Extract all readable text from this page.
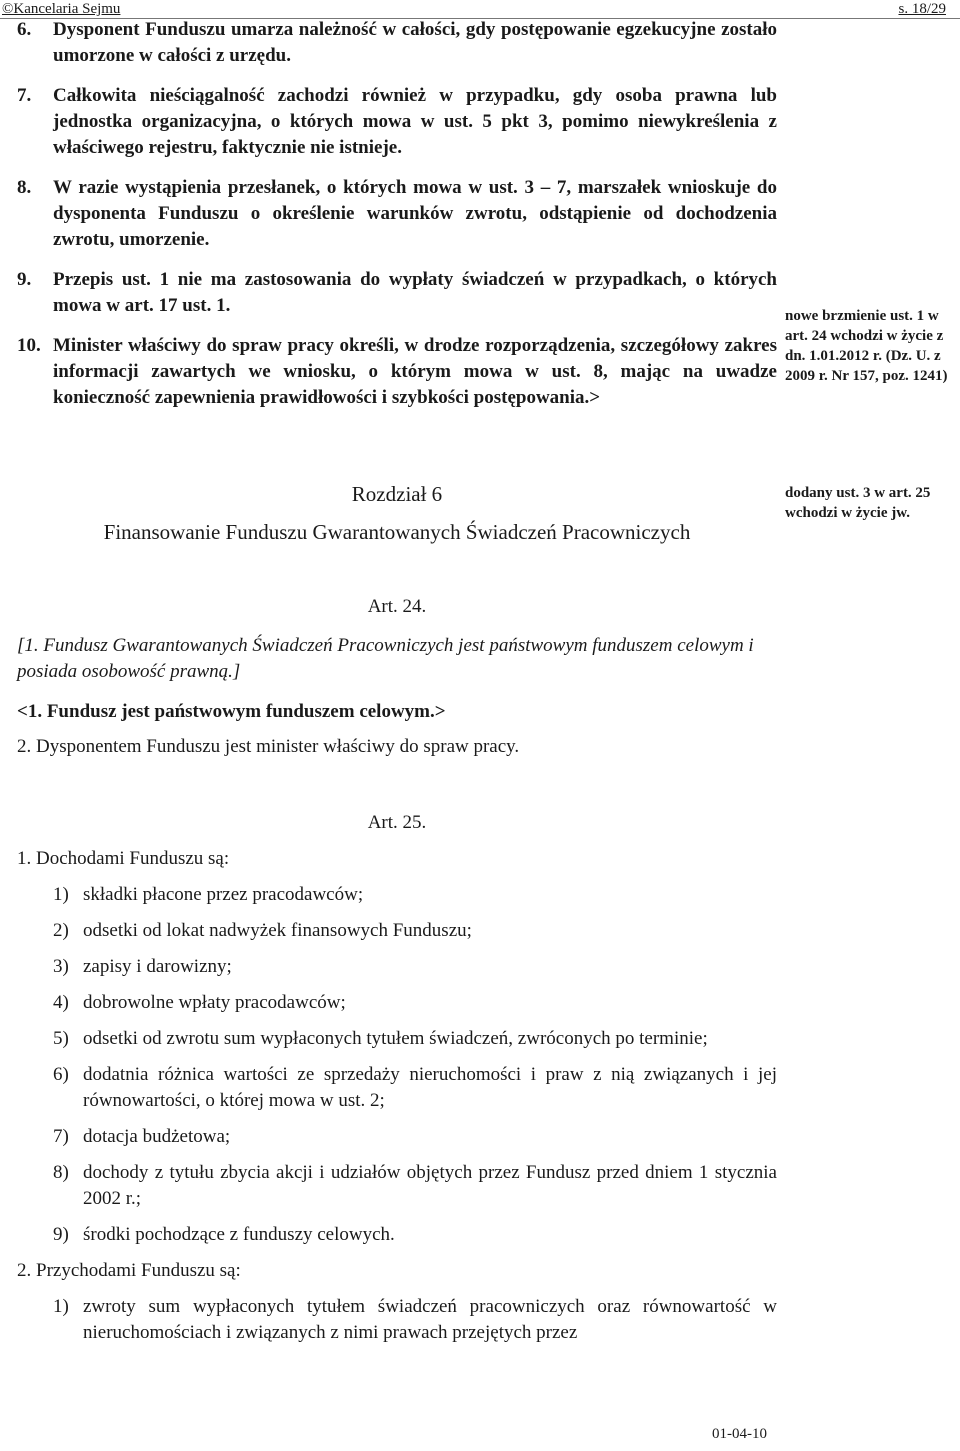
©Kancelaria Sejmu	s. 18/29
6. Dysponent Funduszu umarza należność w całości, gdy postępowanie egzekucyjne zostało umorzone w całości z urzędu.
7. Całkowita nieściągalność zachodzi również w przypadku, gdy osoba prawna lub jednostka organizacyjna, o których mowa w ust. 5 pkt 3, pomimo niewykreślenia z właściwego rejestru, faktycznie nie istnieje.
8. W razie wystąpienia przesłanek, o których mowa w ust. 3 – 7, marszałek wnioskuje do dysponenta Funduszu o określenie warunków zwrotu, odstąpienie od dochodzenia zwrotu, umorzenie.
9. Przepis ust. 1 nie ma zastosowania do wypłaty świadczeń w przypadkach, o których mowa w art. 17 ust. 1.
10. Minister właściwy do spraw pracy określi, w drodze rozporządzenia, szczegółowy zakres informacji zawartych we wniosku, o którym mowa w ust. 8, mając na uwadze konieczność zapewnienia prawidłowości i szybkości postępowania.>
nowe brzmienie ust. 1 w art. 24 wchodzi w życie z dn. 1.01.2012 r. (Dz. U. z 2009 r. Nr 157, poz. 1241)
dodany ust. 3 w art. 25 wchodzi w życie jw.
Rozdział 6
Finansowanie Funduszu Gwarantowanych Świadczeń Pracowniczych
Art. 24.
[1. Fundusz Gwarantowanych Świadczeń Pracowniczych jest państwowym funduszem celowym i posiada osobowość prawną.]
<1. Fundusz jest państwowym funduszem celowym.>
2. Dysponentem Funduszu jest minister właściwy do spraw pracy.
Art. 25.
1. Dochodami Funduszu są:
1) składki płacone przez pracodawców;
2) odsetki od lokat nadwyżek finansowych Funduszu;
3) zapisy i darowizny;
4) dobrowolne wpłaty pracodawców;
5) odsetki od zwrotu sum wypłaconych tytułem świadczeń, zwróconych po terminie;
6) dodatnia różnica wartości ze sprzedaży nieruchomości i praw z nią związanych i jej równowartości, o której mowa w ust. 2;
7) dotacja budżetowa;
8) dochody z tytułu zbycia akcji i udziałów objętych przez Fundusz przed dniem 1 stycznia 2002 r.;
9) środki pochodzące z funduszy celowych.
2. Przychodami Funduszu są:
1) zwroty sum wypłaconych tytułem świadczeń pracowniczych oraz równowartość w nieruchomościach i związanych z nimi prawach przejętych przez
01-04-10
